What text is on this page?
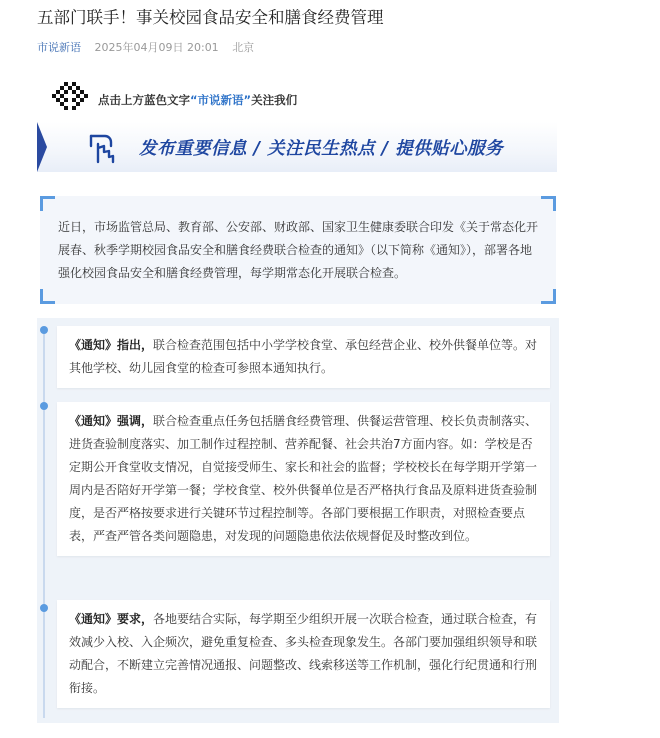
五部门联手！事关校园食品安全和膳食经费管理
市说新语 2025年04月09日 20:01 北京
点击上方蓝色文字“市说新语”关注我们
发布重要信息 / 关注民生热点 / 提供贴心服务

近日，市场监管总局、教育部、公安部、财政部、国家卫生健康委联合印发《关于常态化开展春、秋季学期校园食品安全和膳食经费联合检查的通知》（以下简称《通知》），部署各地强化校园食品安全和膳食经费管理，每学期常态化开展联合检查。

《通知》指出，联合检查范围包括中小学学校食堂、承包经营企业、校外供餐单位等。对其他学校、幼儿园食堂的检查可参照本通知执行。

《通知》强调，联合检查重点任务包括膳食经费管理、供餐运营管理、校长负责制落实、进货查验制度落实、加工制作过程控制、营养配餐、社会共治7方面内容。如：学校是否定期公开食堂收支情况，自觉接受师生、家长和社会的监督；学校校长在每学期开学第一周内是否陪好开学第一餐；学校食堂、校外供餐单位是否严格执行食品及原料进货查验制度，是否严格按要求进行关键环节过程控制等。各部门要根据工作职责，对照检查要点表，严查严管各类问题隐患，对发现的问题隐患依法依规督促及时整改到位。

《通知》要求，各地要结合实际，每学期至少组织开展一次联合检查，通过联合检查，有效减少入校、入企频次，避免重复检查、多头检查现象发生。各部门要加强组织领导和联动配合，不断建立完善情况通报、问题整改、线索移送等工作机制，强化行纪贯通和行刑衔接。
